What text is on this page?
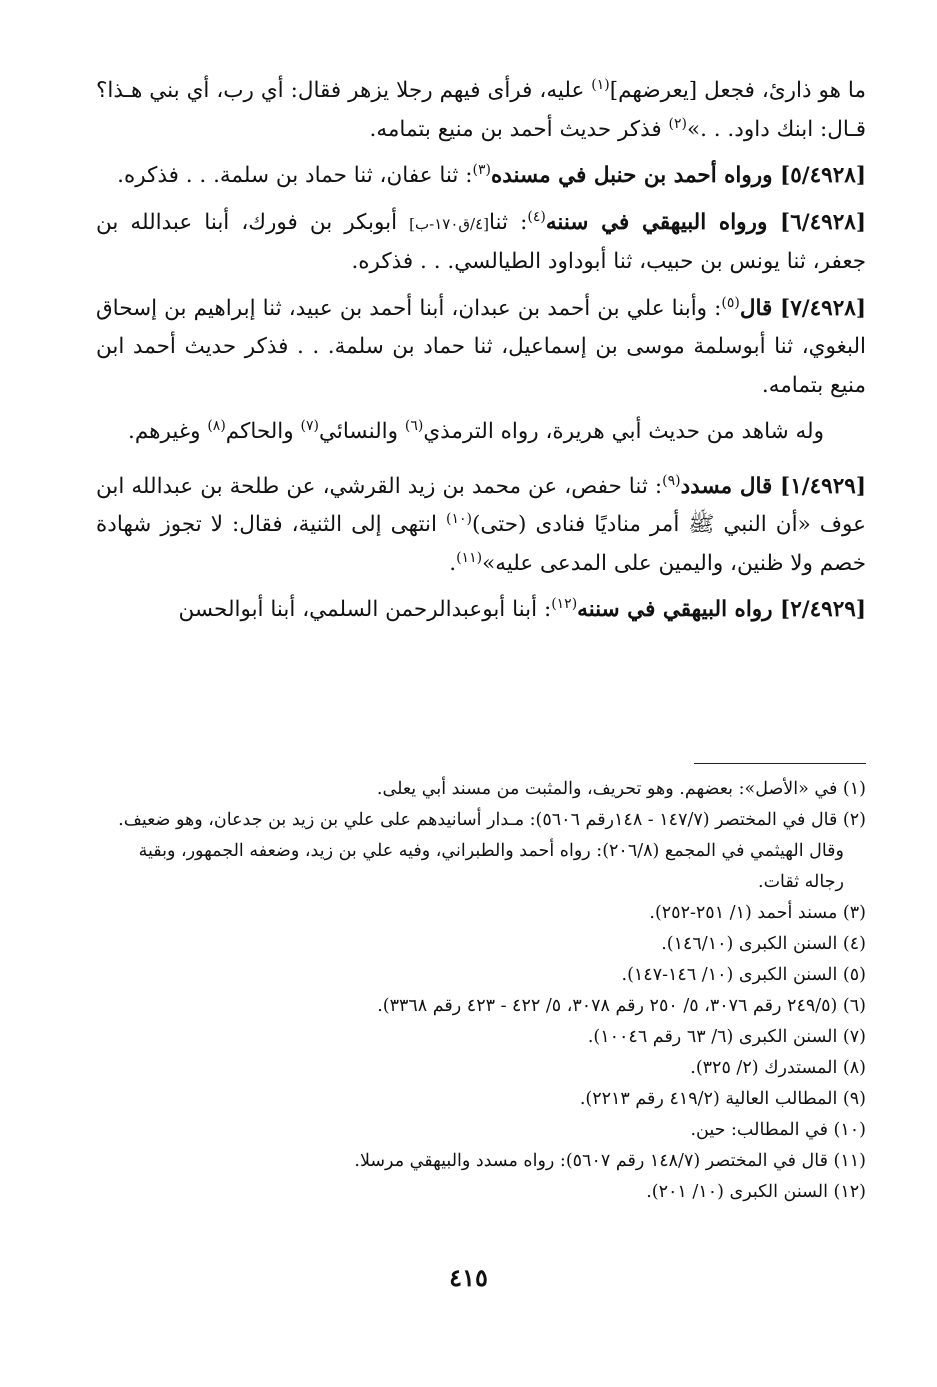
ما هو ذارئ، فجعل [يعرضهم]$^{(١)}$ عليه، فرأى فيهم رجلا يزهر فقال: أي رب، أي بني هـذا؟ قـال: ابنك داود. . .»$^{(٢)}$ فذكر حديث أحمد بن منيع بتمامه.

[٥/٤٩٢٨] ورواه أحمد بن حنبل في مسنده$^{(٣)}$: ثنا عفان، ثنا حماد بن سلمة. . . فذكره.

[٦/٤٩٢٨] ورواه البيهقي في سننه$^{(٤)}$: ثنا[٤/ق١٧٠-ب] أبوبكر بن فورك، أبنا عبدالله بن جعفر، ثنا يونس بن حبيب، ثنا أبوداود الطيالسي. . . فذكره.

[٧/٤٩٢٨] قال$^{(٥)}$: وأبنا علي بن أحمد بن عبدان، أبنا أحمد بن عبيد، ثنا إبراهيم بن إسحاق البغوي، ثنا أبوسلمة موسى بن إسماعيل، ثنا حماد بن سلمة. . . فذكر حديث أحمد ابن منيع بتمامه.

وله شاهد من حديث أبي هريرة، رواه الترمذي$^{(٦)}$ والنسائي$^{(٧)}$ والحاكم$^{(٨)}$ وغيرهم.

[١/٤٩٢٩] قال مسدد$^{(٩)}$: ثنا حفص، عن محمد بن زيد القرشي، عن طلحة بن عبدالله ابن عوف «أن النبي ﷺ أمر مناديًا فنادى (حتى)$^{(١٠)}$ انتهى إلى الثنية، فقال: لا تجوز شهادة خصم ولا ظنين، واليمين على المدعى عليه»$^{(١١)}$.

[٢/٤٩٢٩] رواه البيهقي في سننه$^{(١٢)}$: أبنا أبوعبدالرحمن السلمي، أبنا أبوالحسن

(١) في «الأصل»: بعضهم. وهو تحريف، والمثبت من مسند أبي يعلى.

(٢) قال في المختصر (١٤٧/٧ - ١٤٨رقم ٥٦٠٦): مـدار أسانيدهم على علي بن زيد بن جدعان، وهو ضعيف.

وقال الهيثمي في المجمع (٢٠٦/٨): رواه أحمد والطبراني، وفيه علي بن زيد، وضعفه الجمهور، وبقية رجاله ثقات.

(٣) مسند أحمد (١/ ٢٥١-٢٥٢).

(٤) السنن الكبرى (١٤٦/١٠).

(٥) السنن الكبرى (١٠/ ١٤٦-١٤٧).

(٦) (٢٤٩/٥ رقم ٣٠٧٦، ٥/ ٢٥٠ رقم ٣٠٧٨، ٥/ ٤٢٢ - ٤٢٣ رقم ٣٣٦٨).

(٧) السنن الكبرى (٦/ ٦٣ رقم ١٠٠٤٦).

(٨) المستدرك (٢/ ٣٢٥).

(٩) المطالب العالية (٤١٩/٢ رقم ٢٢١٣).

(١٠) في المطالب: حين.

(١١) قال في المختصر (١٤٨/٧ رقم ٥٦٠٧): رواه مسدد والبيهقي مرسلا.

(١٢) السنن الكبرى (١٠/ ٢٠١).

٤١٥
